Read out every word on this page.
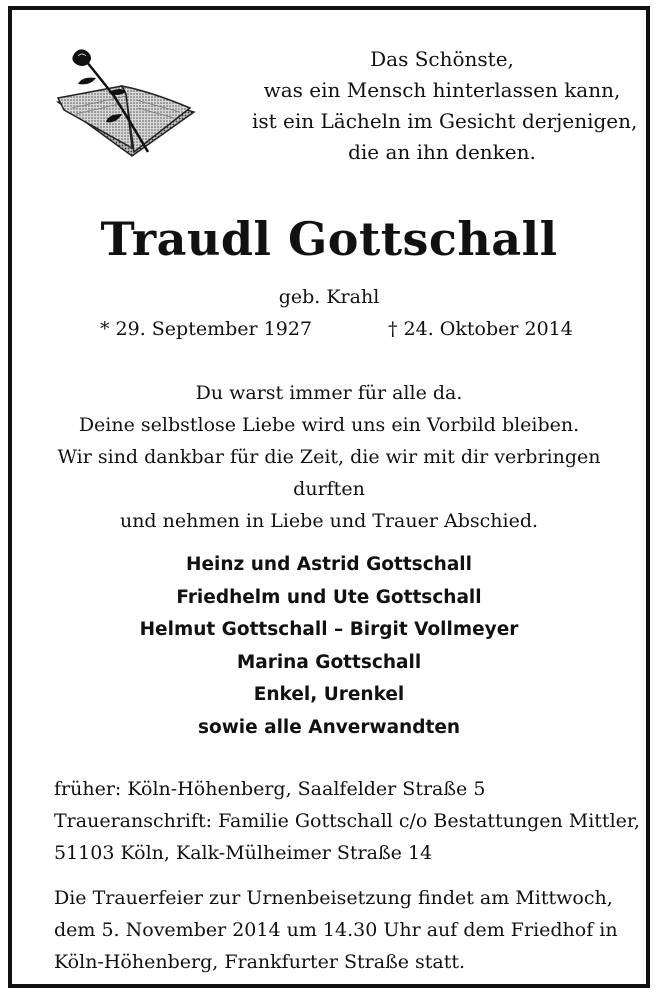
Das Schönste,
was ein Mensch hinterlassen kann,
ist ein Lächeln im Gesicht derjenigen,
die an ihn denken.
Traudl Gottschall
geb. Krahl
* 29. September 1927	† 24. Oktober 2014
Du warst immer für alle da.
Deine selbstlose Liebe wird uns ein Vorbild bleiben.
Wir sind dankbar für die Zeit, die wir mit dir verbringen
durften
und nehmen in Liebe und Trauer Abschied.
Heinz und Astrid Gottschall
Friedhelm und Ute Gottschall
Helmut Gottschall – Birgit Vollmeyer
Marina Gottschall
Enkel, Urenkel
sowie alle Anverwandten
früher: Köln-Höhenberg, Saalfelder Straße 5
Traueranschrift: Familie Gottschall c/o Bestattungen Mittler,
51103 Köln, Kalk-Mülheimer Straße 14
Die Trauerfeier zur Urnenbeisetzung findet am Mittwoch,
dem 5. November 2014 um 14.30 Uhr auf dem Friedhof in
Köln-Höhenberg, Frankfurter Straße statt.
